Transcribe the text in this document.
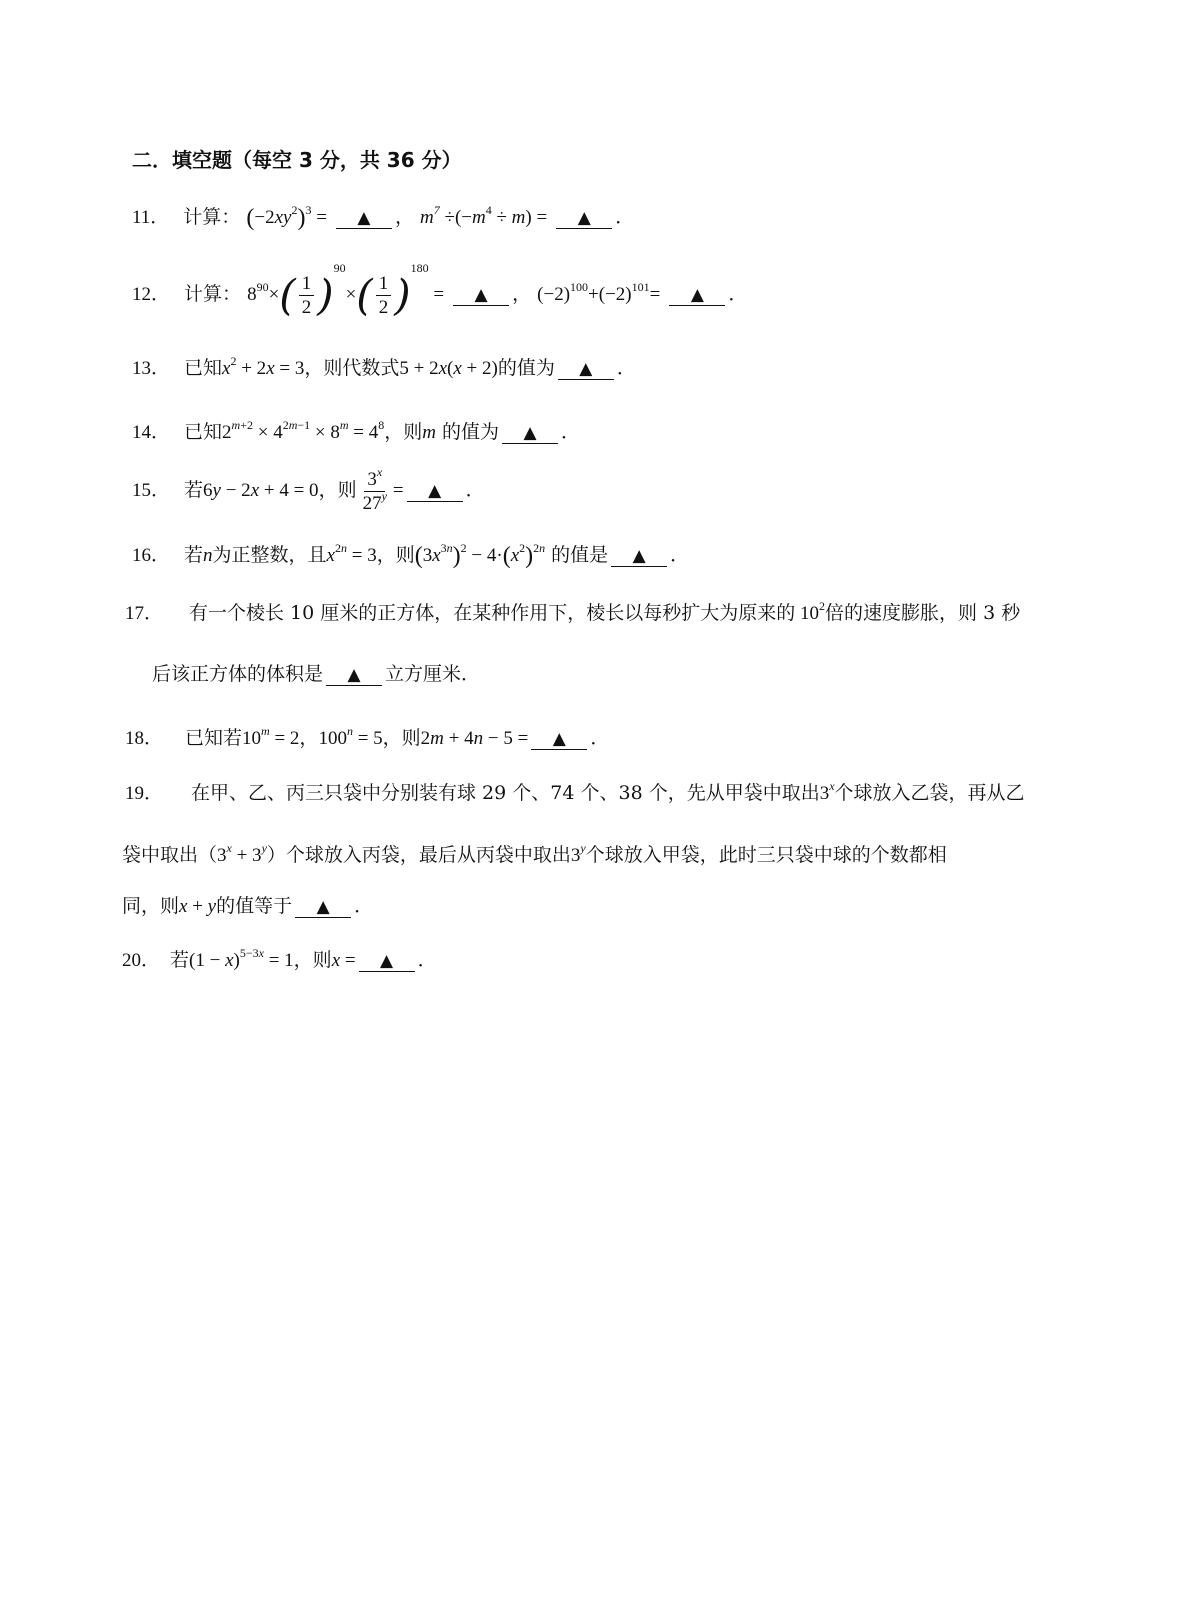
二．填空题（每空 3 分，共 36 分）
11． 计算： $(-2xy^2)^3$ = ▲ ， $m^7 \div(-m^4 \div m)$ = ▲ ．
12． 计算： $8^{90}\times( \frac{1}{2} )^{90}\times( \frac{1}{2} )^{180}$ = ▲ ， $(-2)^{100}+(-2)^{101}=$ ▲ ．
13． 已知$x^2 + 2x = 3$，则代数式5 + 2x(x + 2)的值为 ▲ ．
14． 已知$2^{m+2} \times 4^{2m-1} \times 8^m = 4^8$，则m 的值为 ▲ ．
15． 若6y − 2x + 4 = 0，则 $\frac{3^x}{27^y}$ = ▲ ．
16． 若n为正整数，且$x^{2n} = 3$，则$(3x^{3n})^2 - 4\cdot(x^2)^{2n}$ 的值是 ▲ ．
17． 有一个棱长 10 厘米的正方体，在某种作用下，棱长以每秒扩大为原来的 $10^2$倍的速度膨胀，则 3 秒
后该正方体的体积是 ▲ 立方厘米．
18． 已知若$10^m = 2$，$100^n = 5$，则2m + 4n − 5 = ▲ ．
19． 在甲、乙、丙三只袋中分别装有球 29 个、74 个、38 个，先从甲袋中取出3$^x$个球放入乙袋，再从乙
袋中取出$(3^x + 3^y)$个球放入丙袋，最后从丙袋中取出3$^y$个球放入甲袋，此时三只袋中球的个数都相
同，则x + y的值等于 ▲ ．
20． 若$(1 - x)^{5-3x} = 1$，则x = ▲ ．
